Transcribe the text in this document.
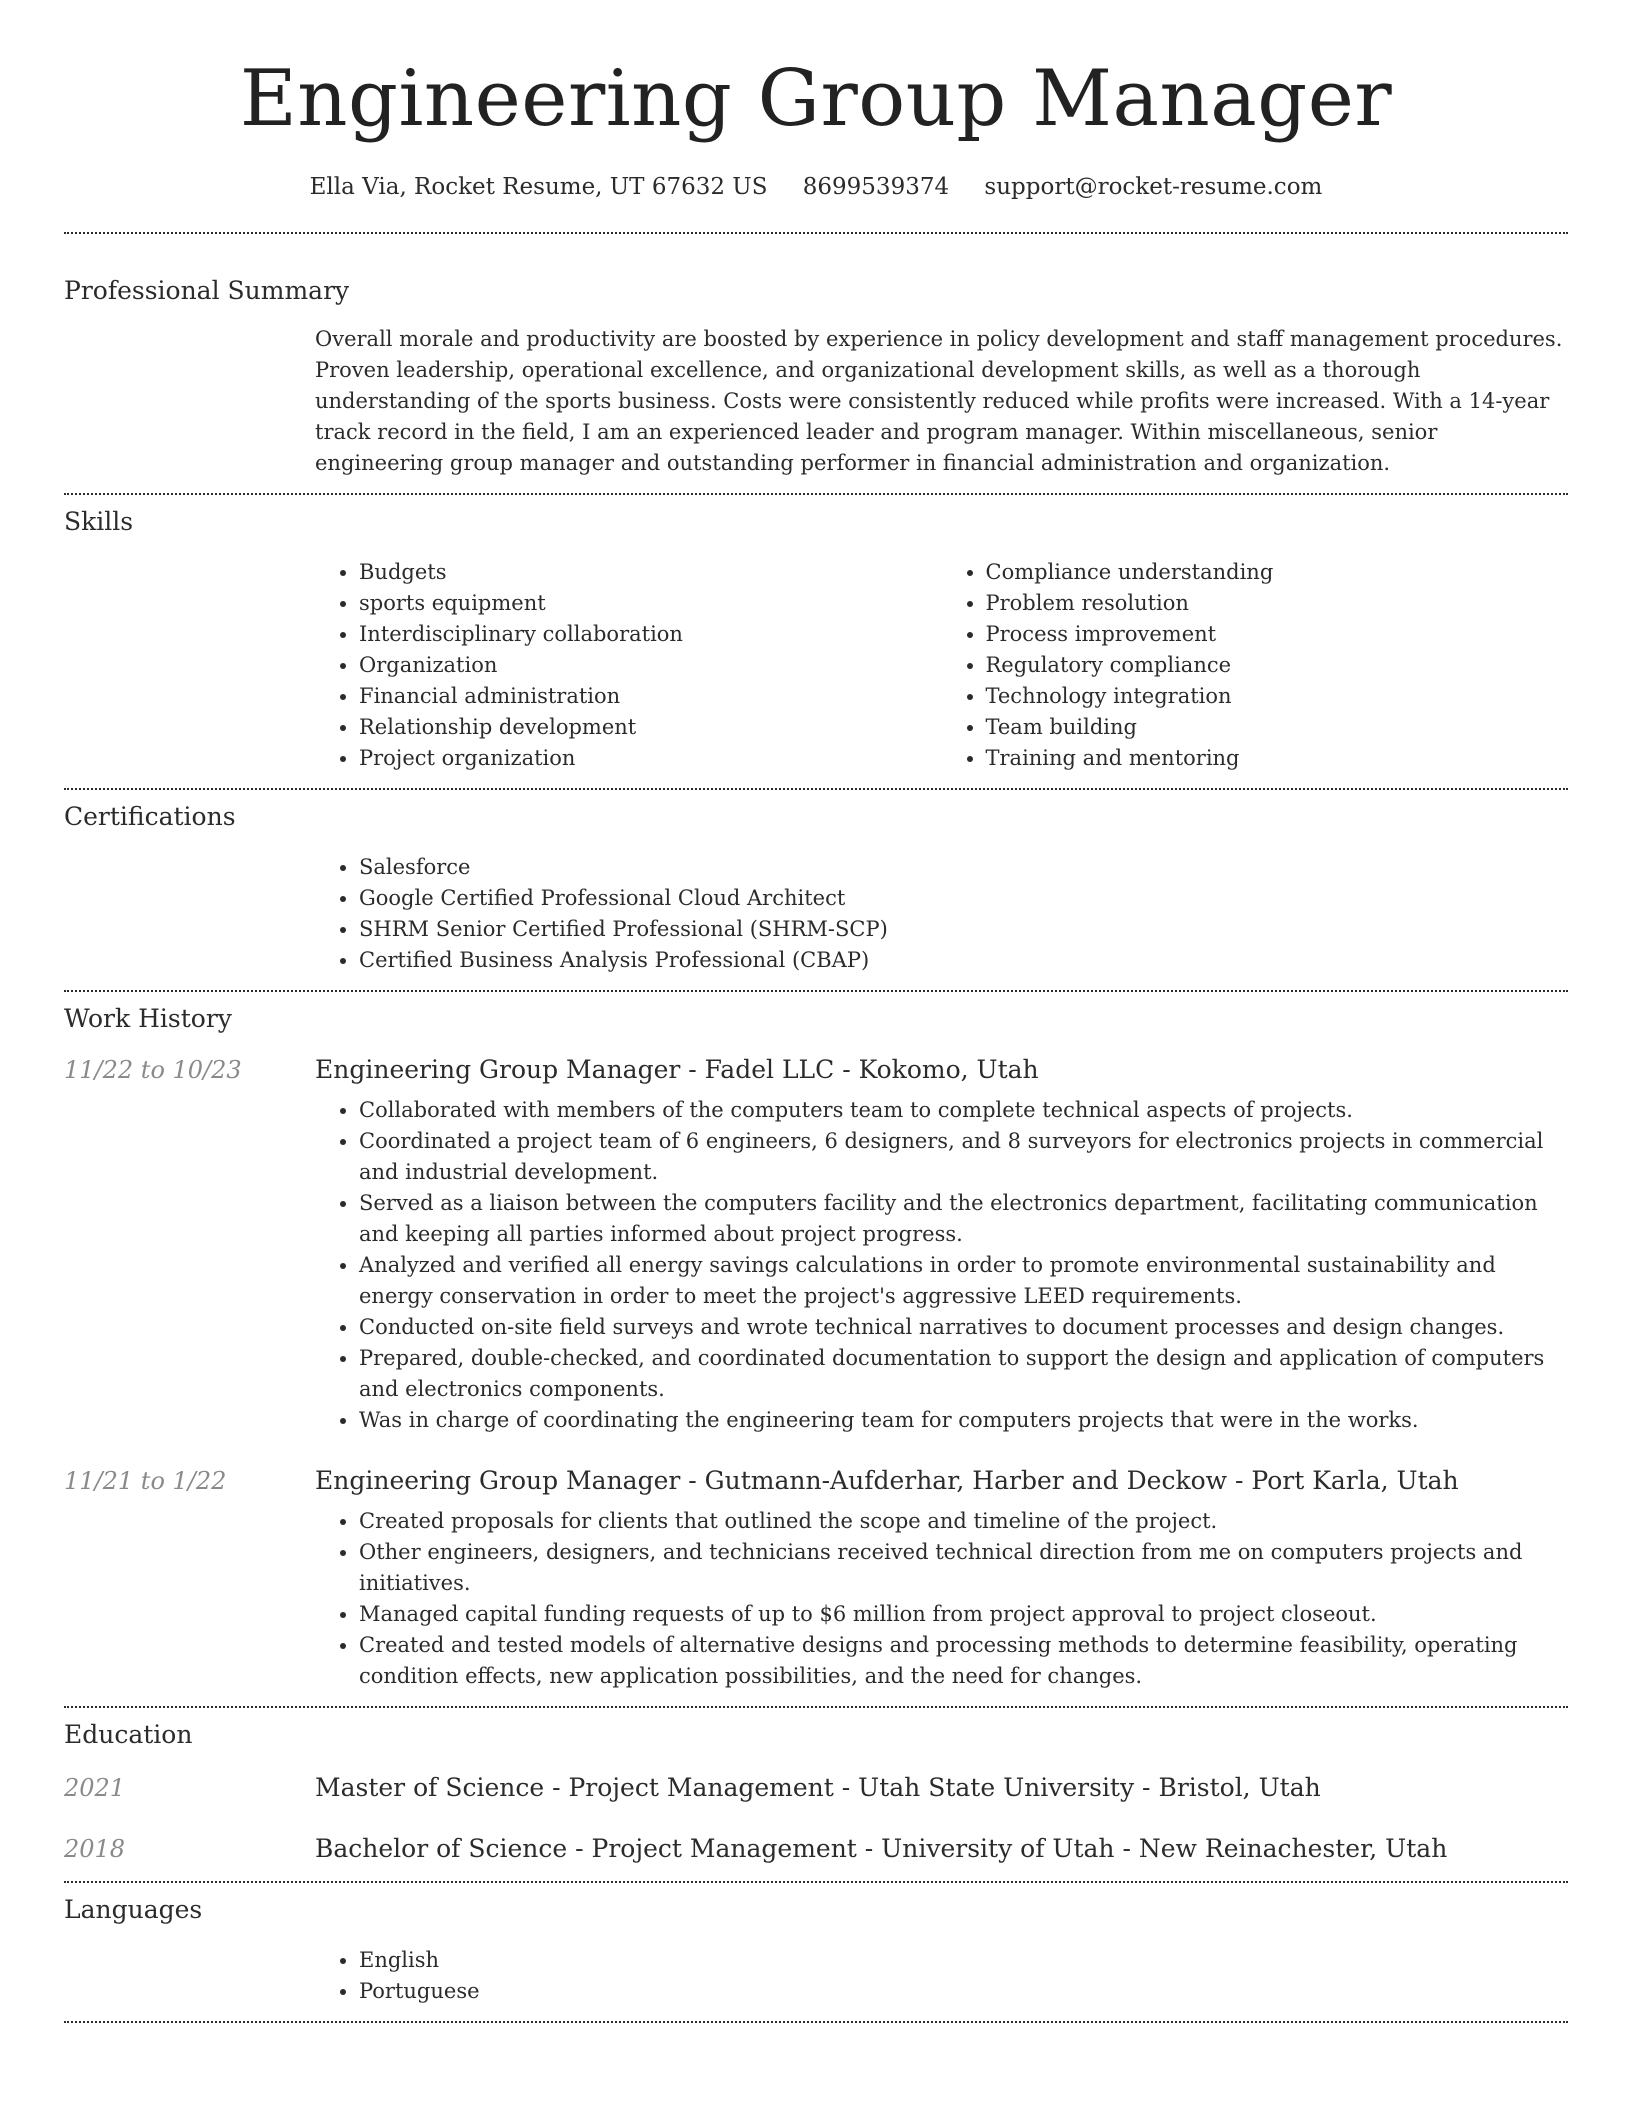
Engineering Group Manager
Ella Via, Rocket Resume, UT 67632 US 8699539374 support@rocket-resume.com
Professional Summary

Overall morale and productivity are boosted by experience in policy development and staff management procedures. Proven leadership, operational excellence, and organizational development skills, as well as a thorough understanding of the sports business. Costs were consistently reduced while profits were increased. With a 14-year track record in the field, I am an experienced leader and program manager. Within miscellaneous, senior engineering group manager and outstanding performer in financial administration and organization.

Skills
• Budgets
• sports equipment
• Interdisciplinary collaboration
• Organization
• Financial administration
• Relationship development
• Project organization
• Compliance understanding
• Problem resolution
• Process improvement
• Regulatory compliance
• Technology integration
• Team building
• Training and mentoring
Certifications
• Salesforce
• Google Certified Professional Cloud Architect
• SHRM Senior Certified Professional (SHRM-SCP)
• Certified Business Analysis Professional (CBAP)
Work History
11/22 to 10/23	Engineering Group Manager - Fadel LLC - Kokomo, Utah
• Collaborated with members of the computers team to complete technical aspects of projects.
• Coordinated a project team of 6 engineers, 6 designers, and 8 surveyors for electronics projects in commercial and industrial development.
• Served as a liaison between the computers facility and the electronics department, facilitating communication and keeping all parties informed about project progress.
• Analyzed and verified all energy savings calculations in order to promote environmental sustainability and energy conservation in order to meet the project's aggressive LEED requirements.
• Conducted on-site field surveys and wrote technical narratives to document processes and design changes.
• Prepared, double-checked, and coordinated documentation to support the design and application of computers and electronics components.
• Was in charge of coordinating the engineering team for computers projects that were in the works.
11/21 to 1/22	Engineering Group Manager - Gutmann-Aufderhar, Harber and Deckow - Port Karla, Utah
• Created proposals for clients that outlined the scope and timeline of the project.
• Other engineers, designers, and technicians received technical direction from me on computers projects and initiatives.
• Managed capital funding requests of up to $6 million from project approval to project closeout.
• Created and tested models of alternative designs and processing methods to determine feasibility, operating condition effects, new application possibilities, and the need for changes.
Education
2021	Master of Science - Project Management - Utah State University - Bristol, Utah
2018	Bachelor of Science - Project Management - University of Utah - New Reinachester, Utah
Languages
• English
• Portuguese
